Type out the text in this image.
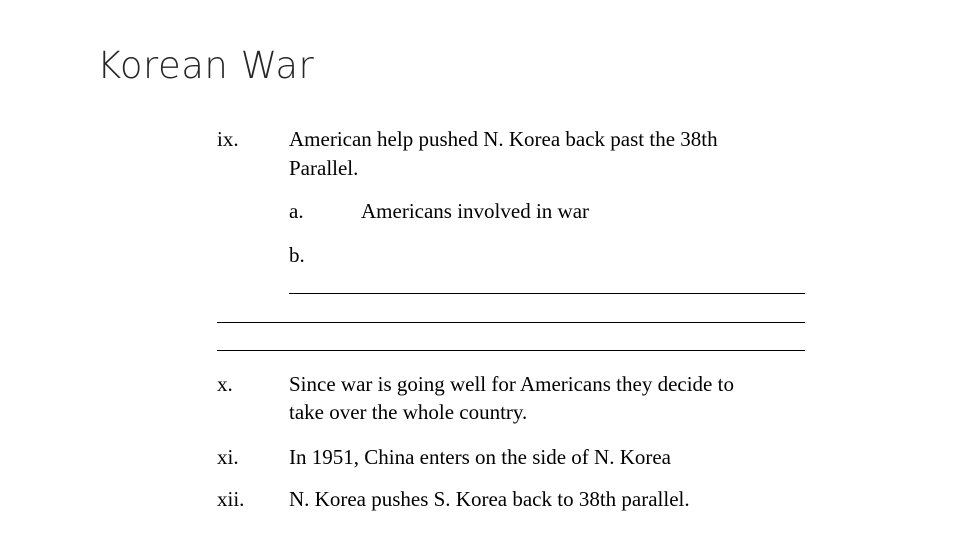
Korean War
ix. American help pushed N. Korea back past the 38th
Parallel.
a.	Americans involved in war
b.
x.	Since war is going well for Americans they decide to
take over the whole country.
xi. In 1951, China enters on the side of N. Korea
xii. N. Korea pushes S. Korea back to 38th parallel.
